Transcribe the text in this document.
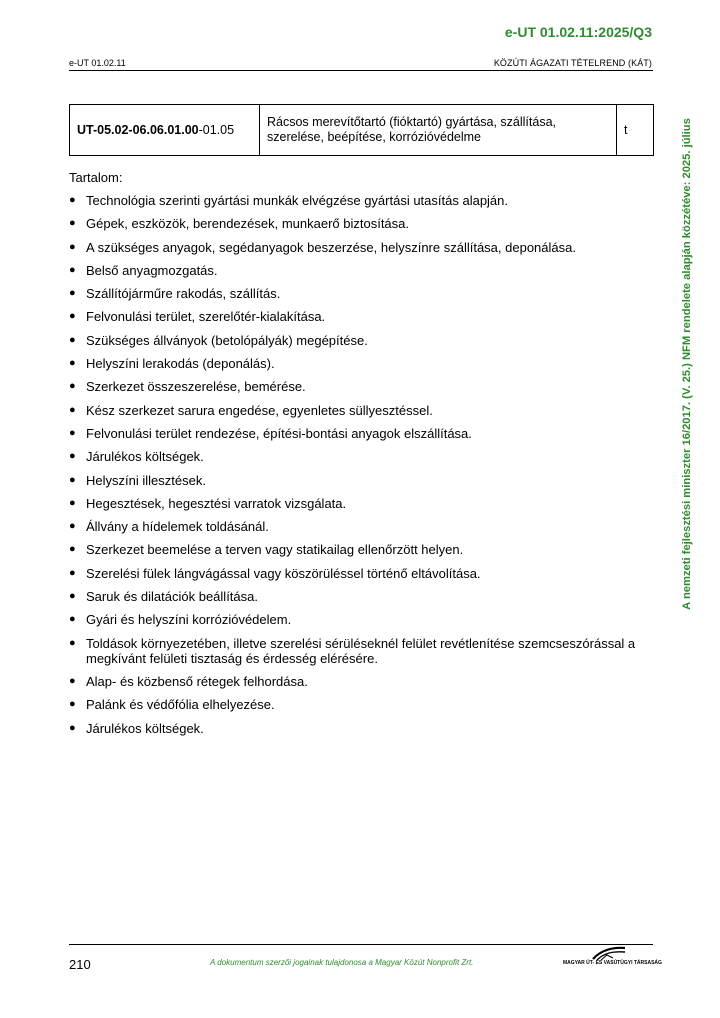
e-UT 01.02.11:2025/Q3
e-UT 01.02.11	KÖZÚTI ÁGAZATI TÉTELREND (KÁT)
UT-05.02-06.06.01.00-01.05	Rácsos merevítőtartó (fióktartó) gyártása, szállítása, szerelése, beépítése, korrózióvédelme	t
Tartalom:
● Technológia szerinti gyártási munkák elvégzése gyártási utasítás alapján.
● Gépek, eszközök, berendezések, munkaerő biztosítása.
● A szükséges anyagok, segédanyagok beszerzése, helyszínre szállítása, deponálása.
● Belső anyagmozgatás.
● Szállítójárműre rakodás, szállítás.
● Felvonulási terület, szerelőtér-kialakítása.
● Szükséges állványok (betolópályák) megépítése.
● Helyszíni lerakodás (deponálás).
● Szerkezet összeszerelése, bemérése.
● Kész szerkezet sarura engedése, egyenletes süllyesztéssel.
● Felvonulási terület rendezése, építési-bontási anyagok elszállítása.
● Járulékos költségek.
● Helyszíni illesztések.
● Hegesztések, hegesztési varratok vizsgálata.
● Állvány a hídelemek toldásánál.
● Szerkezet beemelése a terven vagy statikailag ellenőrzött helyen.
● Szerelési fülek lángvágással vagy köszörüléssel történő eltávolítása.
● Saruk és dilatációk beállítása.
● Gyári és helyszíni korrózióvédelem.
● Toldások környezetében, illetve szerelési sérüléseknél felület revétlenítése szemcseszórással a megkívánt felületi tisztaság és érdesség elérésére.
● Alap- és közbenső rétegek felhordása.
● Palánk és védőfólia elhelyezése.
● Járulékos költségek.
A nemzeti fejlesztési miniszter 16/2017. (V. 25.) NFM rendelete alapján közzétéve: 2025. július
210	A dokumentum szerzői jogainak tulajdonosa a Magyar Közút Nonprofit Zrt.	MAGYAR ÚT- ÉS VASÚTÜGYI TÁRSASÁG
